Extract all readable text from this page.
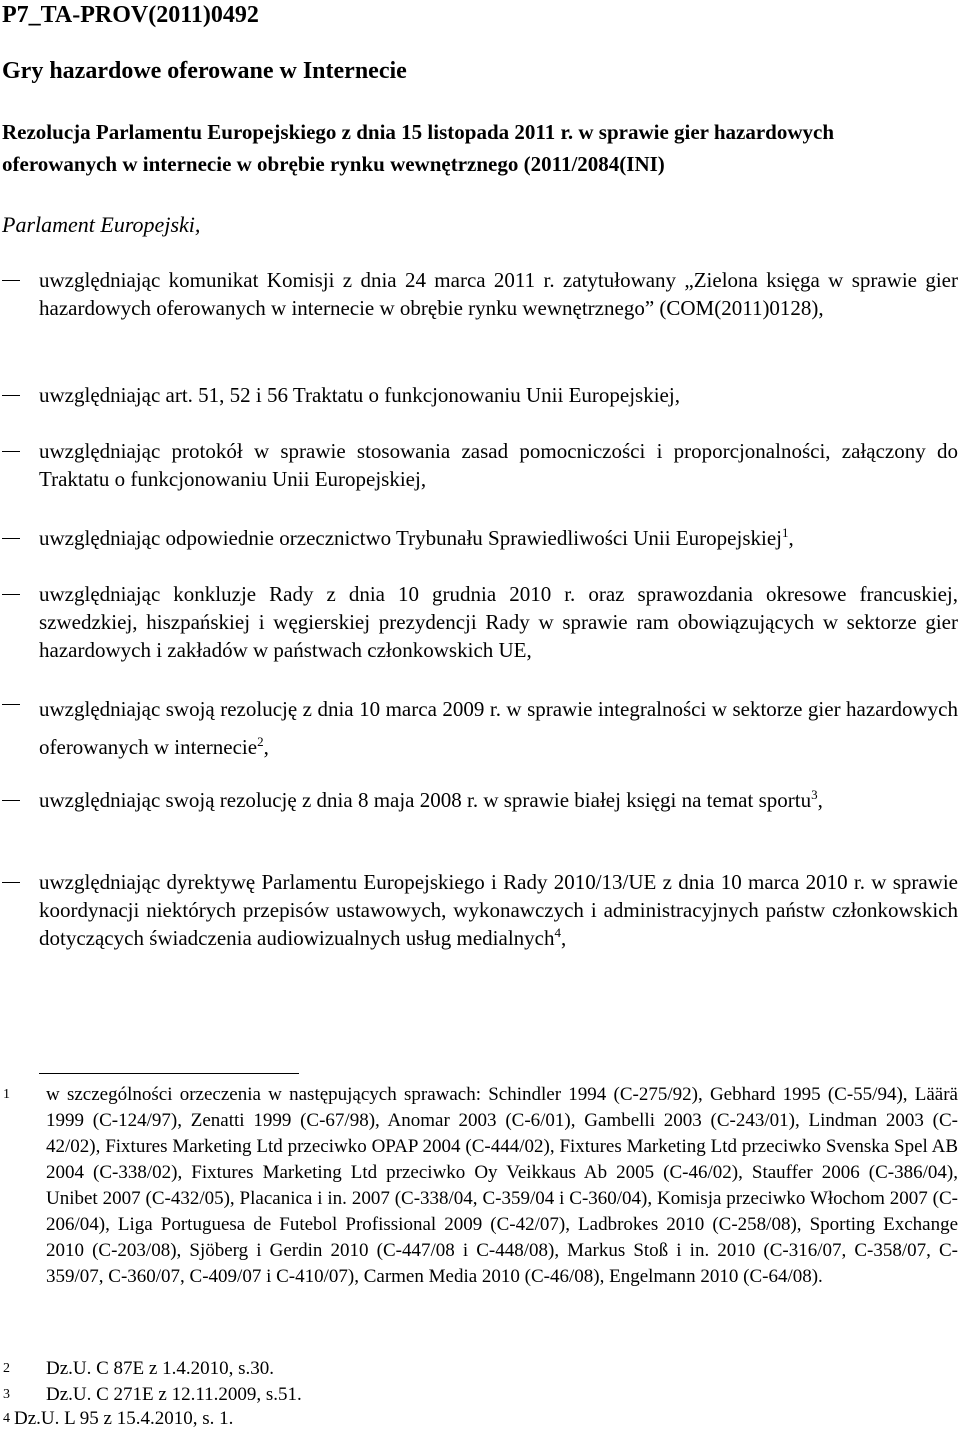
P7_TA-PROV(2011)0492
Gry hazardowe oferowane w Internecie
Rezolucja Parlamentu Europejskiego z dnia 15 listopada 2011 r. w sprawie gier hazardowych oferowanych w internecie w obrębie rynku wewnętrznego (2011/2084(INI)
Parlament Europejski,
uwzględniając komunikat Komisji z dnia 24 marca 2011 r. zatytułowany „Zielona księga w sprawie gier hazardowych oferowanych w internecie w obrębie rynku wewnętrznego” (COM(2011)0128),
uwzględniając art. 51, 52 i 56 Traktatu o funkcjonowaniu Unii Europejskiej,
uwzględniając protokół w sprawie stosowania zasad pomocniczości i proporcjonalności, załączony do Traktatu o funkcjonowaniu Unii Europejskiej,
uwzględniając odpowiednie orzecznictwo Trybunału Sprawiedliwości Unii Europejskiej$^1$,
uwzględniając konkluzje Rady z dnia 10 grudnia 2010 r. oraz sprawozdania okresowe francuskiej, szwedzkiej, hiszpańskiej i węgierskiej prezydencji Rady w sprawie ram obowiązujących w sektorze gier hazardowych i zakładów w państwach członkowskich UE,
uwzględniając swoją rezolucję z dnia 10 marca 2009 r. w sprawie integralności w sektorze gier hazardowych oferowanych w internecie$^2$,
uwzględniając swoją rezolucję z dnia 8 maja 2008 r. w sprawie białej księgi na temat sportu$^3$,
uwzględniając dyrektywę Parlamentu Europejskiego i Rady 2010/13/UE z dnia 10 marca 2010 r. w sprawie koordynacji niektórych przepisów ustawowych, wykonawczych i administracyjnych państw członkowskich dotyczących świadczenia audiowizualnych usług medialnych$^4$,
1 w szczególności orzeczenia w następujących sprawach: Schindler 1994 (C-275/92), Gebhard 1995 (C-55/94), Läärä 1999 (C-124/97), Zenatti 1999 (C-67/98), Anomar 2003 (C-6/01), Gambelli 2003 (C-243/01), Lindman 2003 (C-42/02), Fixtures Marketing Ltd przeciwko OPAP 2004 (C-444/02), Fixtures Marketing Ltd przeciwko Svenska Spel AB 2004 (C-338/02), Fixtures Marketing Ltd przeciwko Oy Veikkaus Ab 2005 (C-46/02), Stauffer 2006 (C-386/04), Unibet 2007 (C-432/05), Placanica i in. 2007 (C-338/04, C-359/04 i C-360/04), Komisja przeciwko Włochom 2007 (C-206/04), Liga Portuguesa de Futebol Profissional 2009 (C-42/07), Ladbrokes 2010 (C-258/08), Sporting Exchange 2010 (C-203/08), Sjöberg i Gerdin 2010 (C-447/08 i C-448/08), Markus Stoß i in. 2010 (C-316/07, C-358/07, C-359/07, C-360/07, C-409/07 i C-410/07), Carmen Media 2010 (C-46/08), Engelmann 2010 (C-64/08).
2 Dz.U. C 87E z 1.4.2010, s.30.
3 Dz.U. C 271E z 12.11.2009, s.51.
4 Dz.U. L 95 z 15.4.2010, s. 1.
